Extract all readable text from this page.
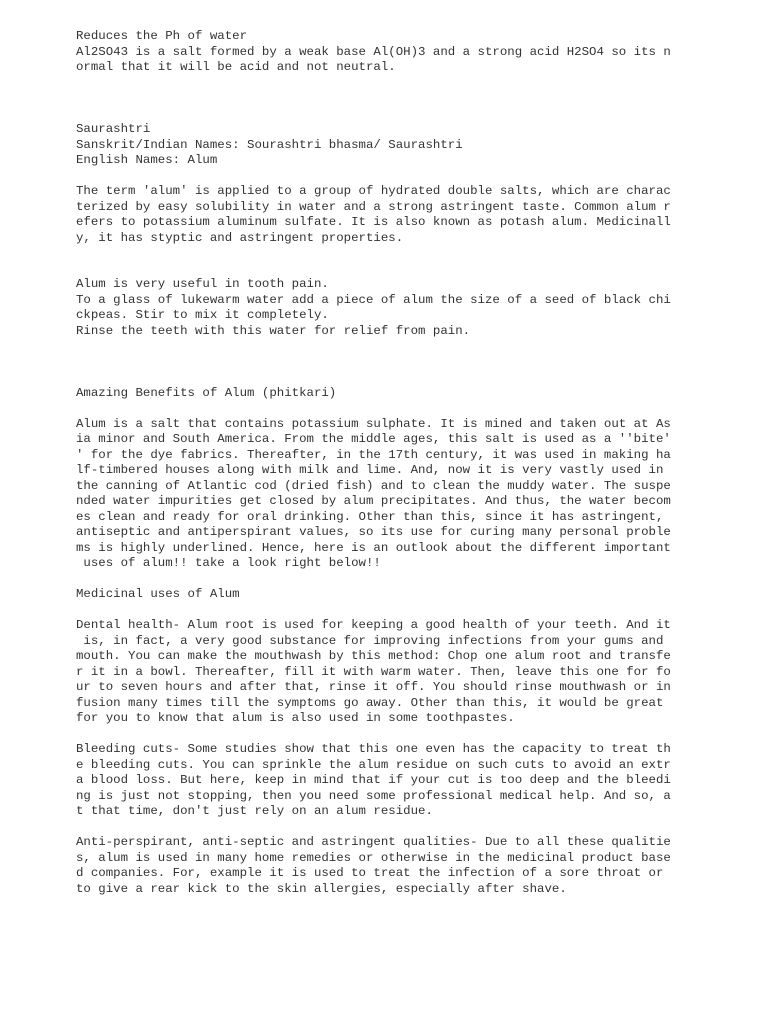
Reduces the Ph of water
Al2SO43 is a salt formed by a weak base Al(OH)3 and a strong acid H2SO4 so its n
ormal that it will be acid and not neutral.
Saurashtri
Sanskrit/Indian Names: Sourashtri bhasma/ Saurashtri
English Names: Alum
The term 'alum' is applied to a group of hydrated double salts, which are charac
terized by easy solubility in water and a strong astringent taste. Common alum r
efers to potassium aluminum sulfate. It is also known as potash alum. Medicinall
y, it has styptic and astringent properties.
Alum is very useful in tooth pain.
To a glass of lukewarm water add a piece of alum the size of a seed of black chi
ckpeas. Stir to mix it completely.
Rinse the teeth with this water for relief from pain.
Amazing Benefits of Alum (phitkari)
Alum is a salt that contains potassium sulphate. It is mined and taken out at As
ia minor and South America. From the middle ages, this salt is used as a ''bite'
' for the dye fabrics. Thereafter, in the 17th century, it was used in making ha
lf-timbered houses along with milk and lime. And, now it is very vastly used in
the canning of Atlantic cod (dried fish) and to clean the muddy water. The suspe
nded water impurities get closed by alum precipitates. And thus, the water becom
es clean and ready for oral drinking. Other than this, since it has astringent,
antiseptic and antiperspirant values, so its use for curing many personal proble
ms is highly underlined. Hence, here is an outlook about the different important
uses of alum!! take a look right below!!
Medicinal uses of Alum
Dental health- Alum root is used for keeping a good health of your teeth. And it
is, in fact, a very good substance for improving infections from your gums and
mouth. You can make the mouthwash by this method: Chop one alum root and transfe
r it in a bowl. Thereafter, fill it with warm water. Then, leave this one for fo
ur to seven hours and after that, rinse it off. You should rinse mouthwash or in
fusion many times till the symptoms go away. Other than this, it would be great
for you to know that alum is also used in some toothpastes.
Bleeding cuts- Some studies show that this one even has the capacity to treat th
e bleeding cuts. You can sprinkle the alum residue on such cuts to avoid an extr
a blood loss. But here, keep in mind that if your cut is too deep and the bleedi
ng is just not stopping, then you need some professional medical help. And so, a
t that time, don't just rely on an alum residue.
Anti-perspirant, anti-septic and astringent qualities- Due to all these qualitie
s, alum is used in many home remedies or otherwise in the medicinal product base
d companies. For, example it is used to treat the infection of a sore throat or
to give a rear kick to the skin allergies, especially after shave.
